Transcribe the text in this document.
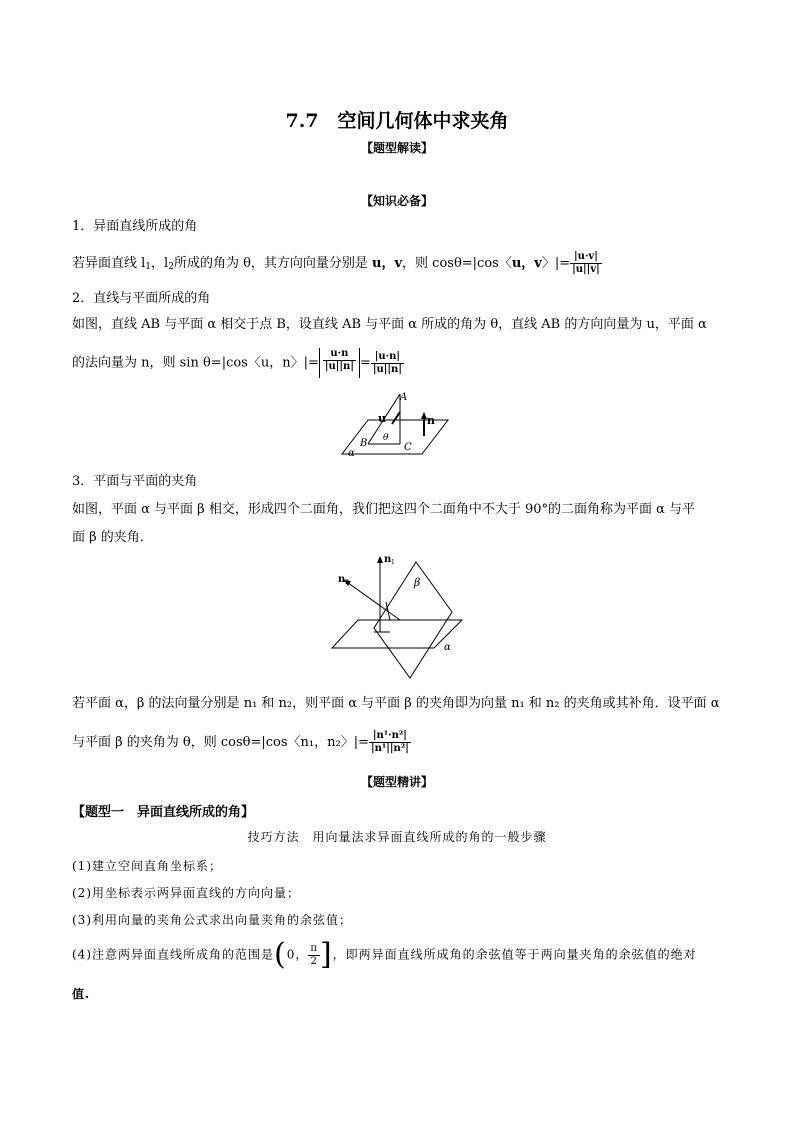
7.7　空间几何体中求夹角
【题型解读】
【知识必备】
1．异面直线所成的角
若异面直线 $l_1$，$l_2$所成的角为 θ，其方向向量分别是 u，v，则 cosθ=|cos〈u，v〉|= $\frac{|u\cdot v|}{|u||v|}$
2．直线与平面所成的角
如图，直线 AB 与平面 α 相交于点 B，设直线 AB 与平面 α 所成的角为 θ，直线 AB 的方向向量为 u，平面 α
的法向量为 n，则 sin θ=|cos〈u，n〉|= $\frac{u\cdot n}{|u||n|} = \frac{|u\cdot n|}{|u||n|}$
A
u	n
θ
B	C
α
3．平面与平面的夹角
如图，平面 α 与平面 β 相交，形成四个二面角，我们把这四个二面角中不大于 90°的二面角称为平面 α 与平
面 β 的夹角．
n 1
n 2	β
α
若平面 α，β 的法向量分别是 n₁ 和 n₂，则平面 α 与平面 β 的夹角即为向量 n₁ 和 n₂ 的夹角或其补角．设平面 α
与平面 β 的夹角为 θ，则 cosθ=|cos〈n₁，n₂〉|= $\frac{\text{|n¹·n²|}}{\text{|n¹||n²|}}$
【题型精讲】
【题型一　异面直线所成的角】
技巧方法　用向量法求异面直线所成的角的一般步骤
(1)建立空间直角坐标系；
(2)用坐标表示两异面直线的方向向量；
(3)利用向量的夹角公式求出向量夹角的余弦值；
(4)注意两异面直线所成角的范围是(0， $\frac{\pi}{2}$ ]，即两异面直线所成角的余弦值等于两向量夹角的余弦值的绝对
值.
